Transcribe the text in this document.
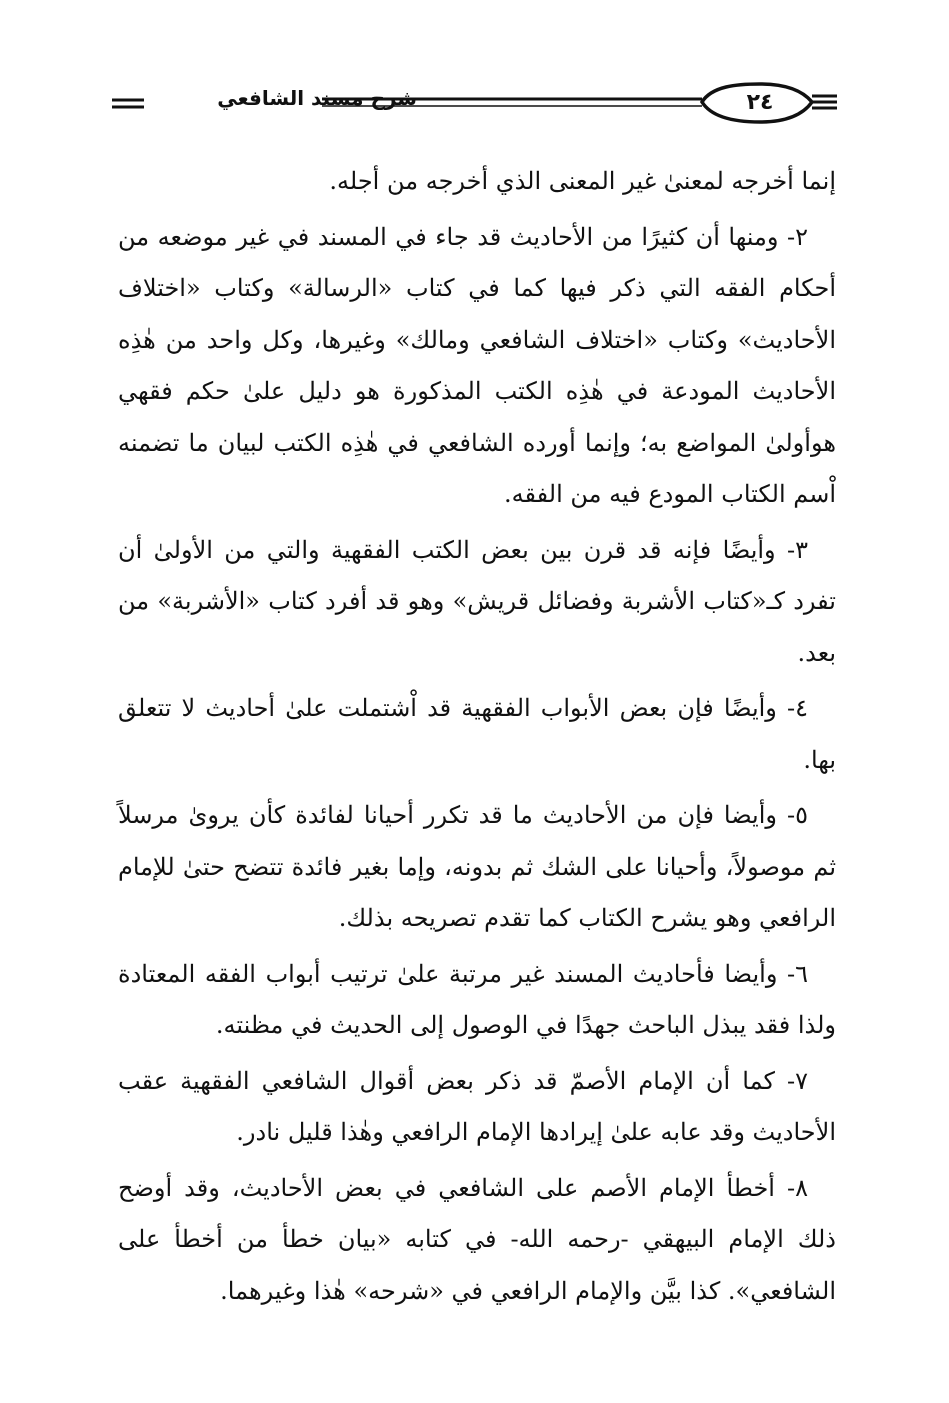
شرح مسند الشافعي	٢٤

إنما أخرجه لمعنىٰ غير المعنى الذي أخرجه من أجله.

٢- ومنها أن كثيرًا من الأحاديث قد جاء في المسند في غير موضعه من أحكام الفقه التي ذكر فيها كما في كتاب «الرسالة» وكتاب «اختلاف الأحاديث» وكتاب «اختلاف الشافعي ومالك» وغيرها، وكل واحد من هٰذِه الأحاديث المودعة في هٰذِه الكتب المذكورة هو دليل علىٰ حكم فقهي هوأولىٰ المواضع به؛ وإنما أورده الشافعي في هٰذِه الكتب لبيان ما تضمنه اْسم الكتاب المودع فيه من الفقه.

٣- وأيضًا فإنه قد قرن بين بعض الكتب الفقهية والتي من الأولىٰ أن تفرد كـ«كتاب الأشربة وفضائل قريش» وهو قد أفرد كتاب «الأشربة» من بعد.

٤- وأيضًا فإن بعض الأبواب الفقهية قد اْشتملت علىٰ أحاديث لا تتعلق بها.

٥- وأيضا فإن من الأحاديث ما قد تكرر أحيانا لفائدة كأن يروىٰ مرسلاً ثم موصولاً، وأحيانا على الشك ثم بدونه، وإما بغير فائدة تتضح حتىٰ للإمام الرافعي وهو يشرح الكتاب كما تقدم تصريحه بذلك.

٦- وأيضا فأحاديث المسند غير مرتبة علىٰ ترتيب أبواب الفقه المعتادة ولذا فقد يبذل الباحث جهدًا في الوصول إلى الحديث في مظنته.

٧- كما أن الإمام الأصمّ قد ذكر بعض أقوال الشافعي الفقهية عقب الأحاديث وقد عابه علىٰ إيرادها الإمام الرافعي وهٰذا قليل نادر.

٨- أخطأ الإمام الأصم على الشافعي في بعض الأحاديث، وقد أوضح ذلك الإمام البيهقي -رحمه الله- في كتابه «بيان خطأ من أخطأ على الشافعي». كذا بيَّن والإمام الرافعي في «شرحه» هٰذا وغيرهما.
